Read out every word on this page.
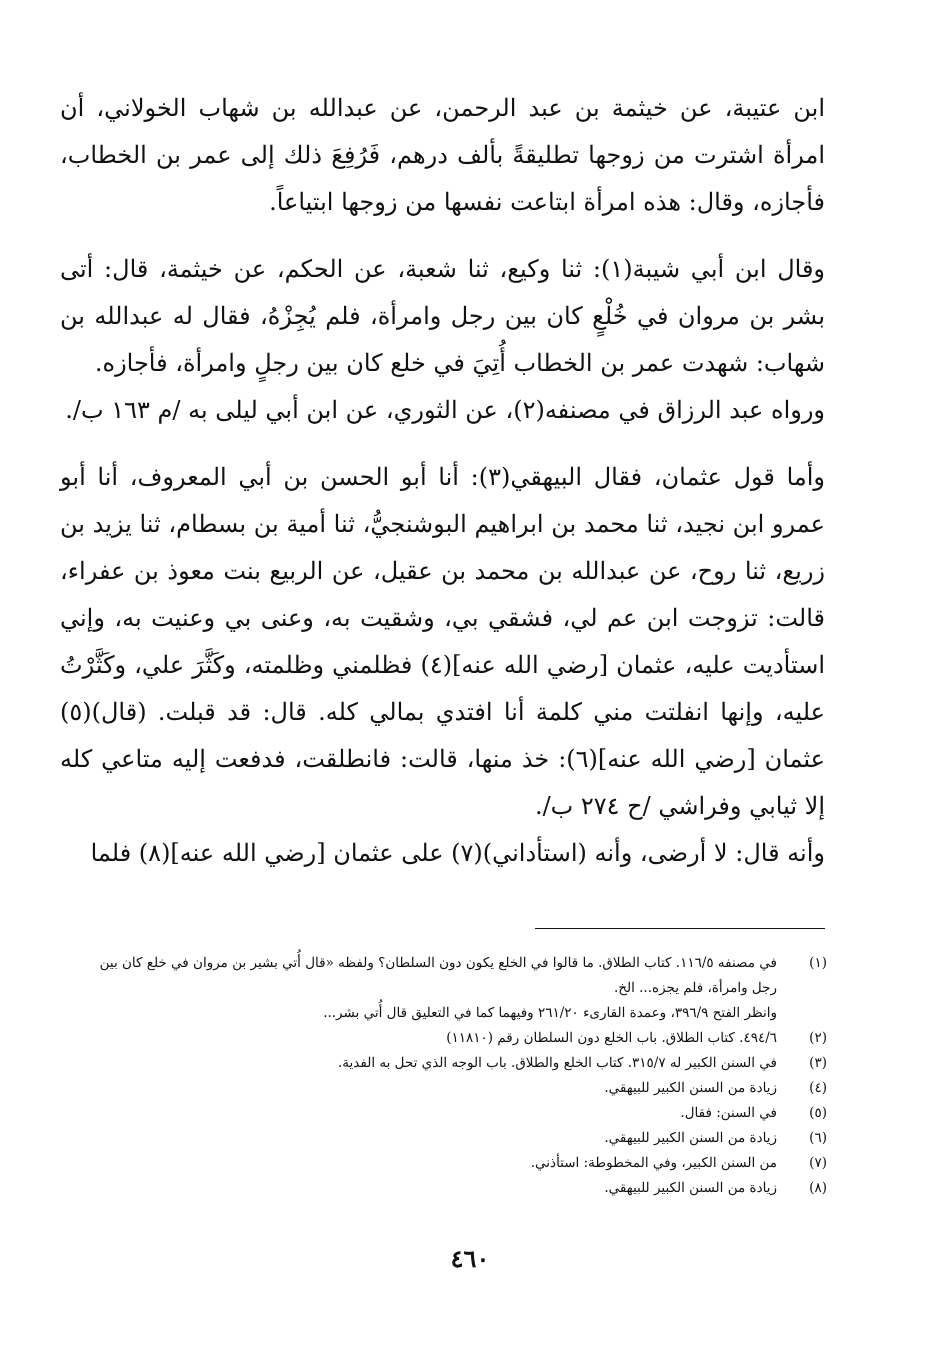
ابن عتيبة، عن خيثمة بن عبد الرحمن، عن عبدالله بن شهاب الخولاني، أن امرأة اشترت من زوجها تطليقةً بألف درهم، فَرُفِعَ ذلك إلى عمر بن الخطاب، فأجازه، وقال: هذه امرأة ابتاعت نفسها من زوجها ابتياعاً.

وقال ابن أبي شيبة(١): ثنا وكيع، ثنا شعبة، عن الحكم، عن خيثمة، قال: أتى بشر بن مروان في خُلْعٍ كان بين رجل وامرأة، فلم يُجِزْهُ، فقال له عبدالله بن شهاب: شهدت عمر بن الخطاب أُتِيَ في خلع كان بين رجلٍ وامرأة، فأجازه.

ورواه عبد الرزاق في مصنفه(٢)، عن الثوري، عن ابن أبي ليلى به /م ١٦٣ ب/.

وأما قول عثمان، فقال البيهقي(٣): أنا أبو الحسن بن أبي المعروف، أنا أبو عمرو ابن نجيد، ثنا محمد بن ابراهيم البوشنجيُّ، ثنا أمية بن بسطام، ثنا يزيد بن زريع، ثنا روح، عن عبدالله بن محمد بن عقيل، عن الربيع بنت معوذ بن عفراء، قالت: تزوجت ابن عم لي، فشقي بي، وشقيت به، وعنى بي وعنيت به، وإني استأديت عليه، عثمان [رضي الله عنه](٤) فظلمني وظلمته، وكَثَّرَ علي، وكَثَّرْتُ عليه، وإنها انفلتت مني كلمة أنا افتدي بمالي كله. قال: قد قبلت. (قال)(٥) عثمان [رضي الله عنه](٦): خذ منها، قالت: فانطلقت، فدفعت إليه متاعي كله إلا ثيابي وفراشي /ح ٢٧٤ ب/.

وأنه قال: لا أرضى، وأنه (استأداني)(٧) على عثمان [رضي الله عنه](٨) فلما

(١)
في مصنفه ١١٦/٥. كتاب الطلاق. ما قالوا في الخلع يكون دون السلطان؟ ولفظه «قال أُتي بشير بن مروان في خلع كان بين رجل وامرأة، فلم يجزه... الخ.
وانظر الفتح ٣٩٦/٩، وعمدة القارىء ٢٦١/٢٠ وفيهما كما في التعليق قال أُتي بشر...
(٢)
٤٩٤/٦. كتاب الطلاق. باب الخلع دون السلطان رقم (١١٨١٠)
(٣)
في السنن الكبير له ٣١٥/٧. كتاب الخلع والطلاق. باب الوجه الذي تحل به الفدية.
(٤)
زيادة من السنن الكبير للبيهقي.
(٥)
في السنن: فقال.
(٦)
زيادة من السنن الكبير للبيهقي.
(٧)
من السنن الكبير، وفي المخطوطة: استأذني.
(٨)
زيادة من السنن الكبير للبيهقي.
٤٦٠
